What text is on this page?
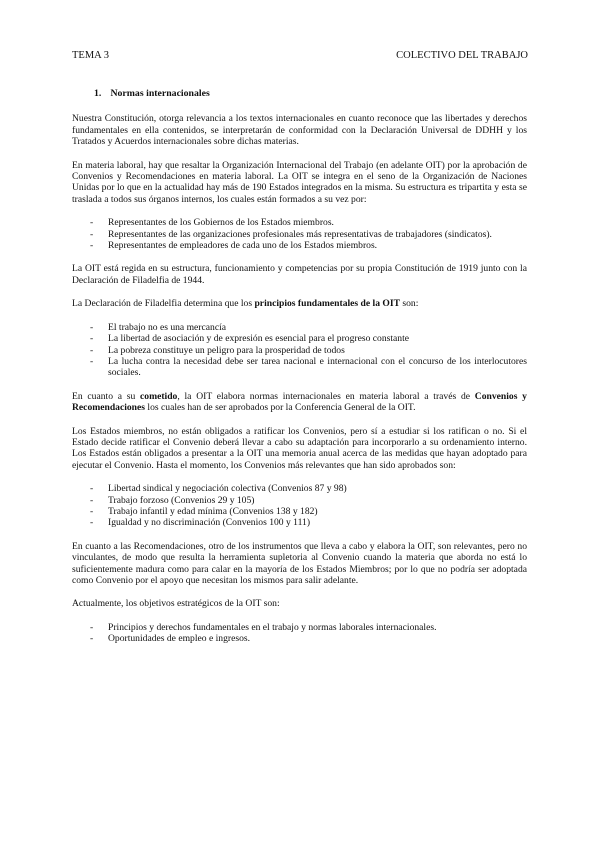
TEMA 3	COLECTIVO DEL TRABAJO
1. Normas internacionales

Nuestra Constitución, otorga relevancia a los textos internacionales en cuanto reconoce que las libertades y derechos fundamentales en ella contenidos, se interpretarán de conformidad con la Declaración Universal de DDHH y los Tratados y Acuerdos internacionales sobre dichas materias.

En materia laboral, hay que resaltar la Organización Internacional del Trabajo (en adelante OIT) por la aprobación de Convenios y Recomendaciones en materia laboral. La OIT se integra en el seno de la Organización de Naciones Unidas por lo que en la actualidad hay más de 190 Estados integrados en la misma. Su estructura es tripartita y esta se traslada a todos sus órganos internos, los cuales están formados a su vez por:

- Representantes de los Gobiernos de los Estados miembros.
- Representantes de las organizaciones profesionales más representativas de trabajadores (sindicatos).
- Representantes de empleadores de cada uno de los Estados miembros.

La OIT está regida en su estructura, funcionamiento y competencias por su propia Constitución de 1919 junto con la Declaración de Filadelfia de 1944.

La Declaración de Filadelfia determina que los principios fundamentales de la OIT son:

- El trabajo no es una mercancía
- La libertad de asociación y de expresión es esencial para el progreso constante
- La pobreza constituye un peligro para la prosperidad de todos
- La lucha contra la necesidad debe ser tarea nacional e internacional con el concurso de los interlocutores sociales.

En cuanto a su cometido, la OIT elabora normas internacionales en materia laboral a través de Convenios y Recomendaciones los cuales han de ser aprobados por la Conferencia General de la OIT.

Los Estados miembros, no están obligados a ratificar los Convenios, pero sí a estudiar si los ratifican o no. Si el Estado decide ratificar el Convenio deberá llevar a cabo su adaptación para incorporarlo a su ordenamiento interno. Los Estados están obligados a presentar a la OIT una memoria anual acerca de las medidas que hayan adoptado para ejecutar el Convenio. Hasta el momento, los Convenios más relevantes que han sido aprobados son:

- Libertad sindical y negociación colectiva (Convenios 87 y 98)
- Trabajo forzoso (Convenios 29 y 105)
- Trabajo infantil y edad mínima (Convenios 138 y 182)
- Igualdad y no discriminación (Convenios 100 y 111)

En cuanto a las Recomendaciones, otro de los instrumentos que lleva a cabo y elabora la OIT, son relevantes, pero no vinculantes, de modo que resulta la herramienta supletoria al Convenio cuando la materia que aborda no está lo suficientemente madura como para calar en la mayoría de los Estados Miembros; por lo que no podría ser adoptada como Convenio por el apoyo que necesitan los mismos para salir adelante.

Actualmente, los objetivos estratégicos de la OIT son:

- Principios y derechos fundamentales en el trabajo y normas laborales internacionales.
- Oportunidades de empleo e ingresos.
